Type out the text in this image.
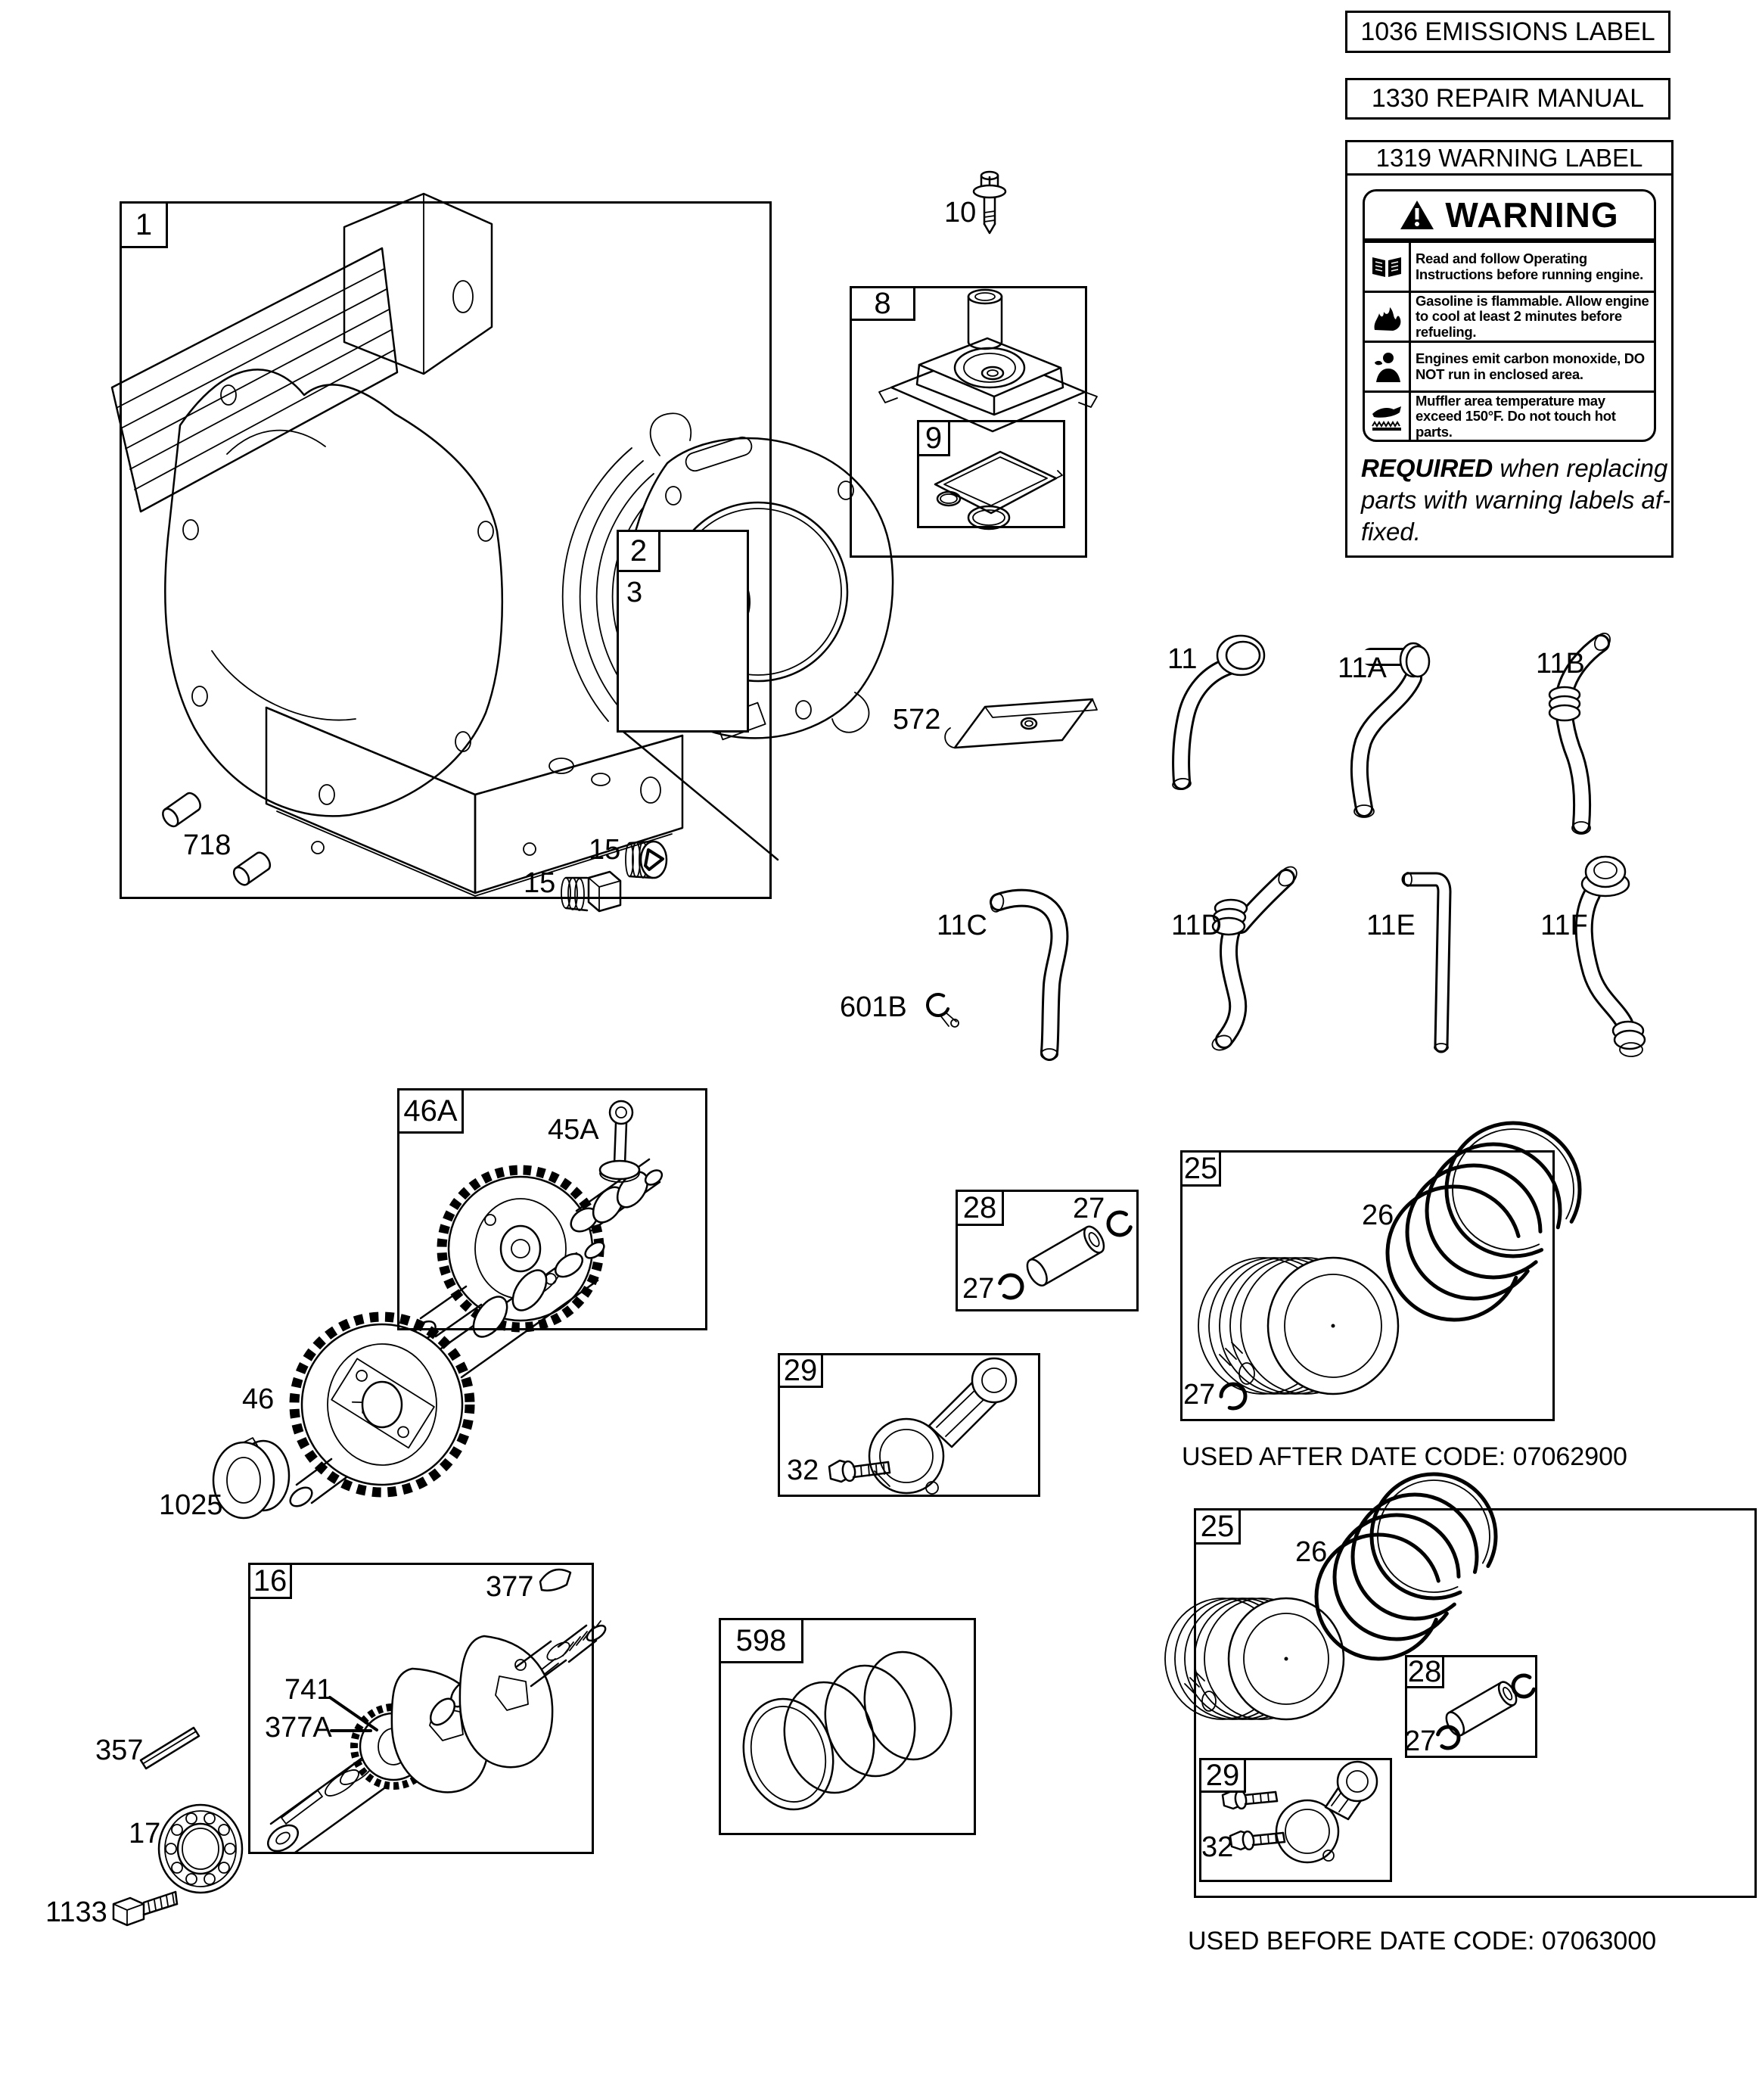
1
2
8
9
46A
16
598
28
29
25
25
28
29
3
10
11	11A	11B
11C	11D	11E	11F
15
15
17
26
26
27
27
27
27
32
32
45A
46
357
377
377A
572
601B
718
741
1025
1133
1036 EMISSIONS LABEL
1330 REPAIR MANUAL
1319 WARNING LABEL
WARNING
Read and follow Operating Instructions before running engine.
Gasoline is flammable. Allow engine to cool at least 2 minutes before refueling.
Engines emit carbon monoxide, DO NOT run in enclosed area.
Muffler area temperature may exceed 150°F. Do not touch hot parts.
REQUIRED when replacing parts with warning labels af-fixed.
USED AFTER DATE CODE: 07062900
USED BEFORE DATE CODE: 07063000
